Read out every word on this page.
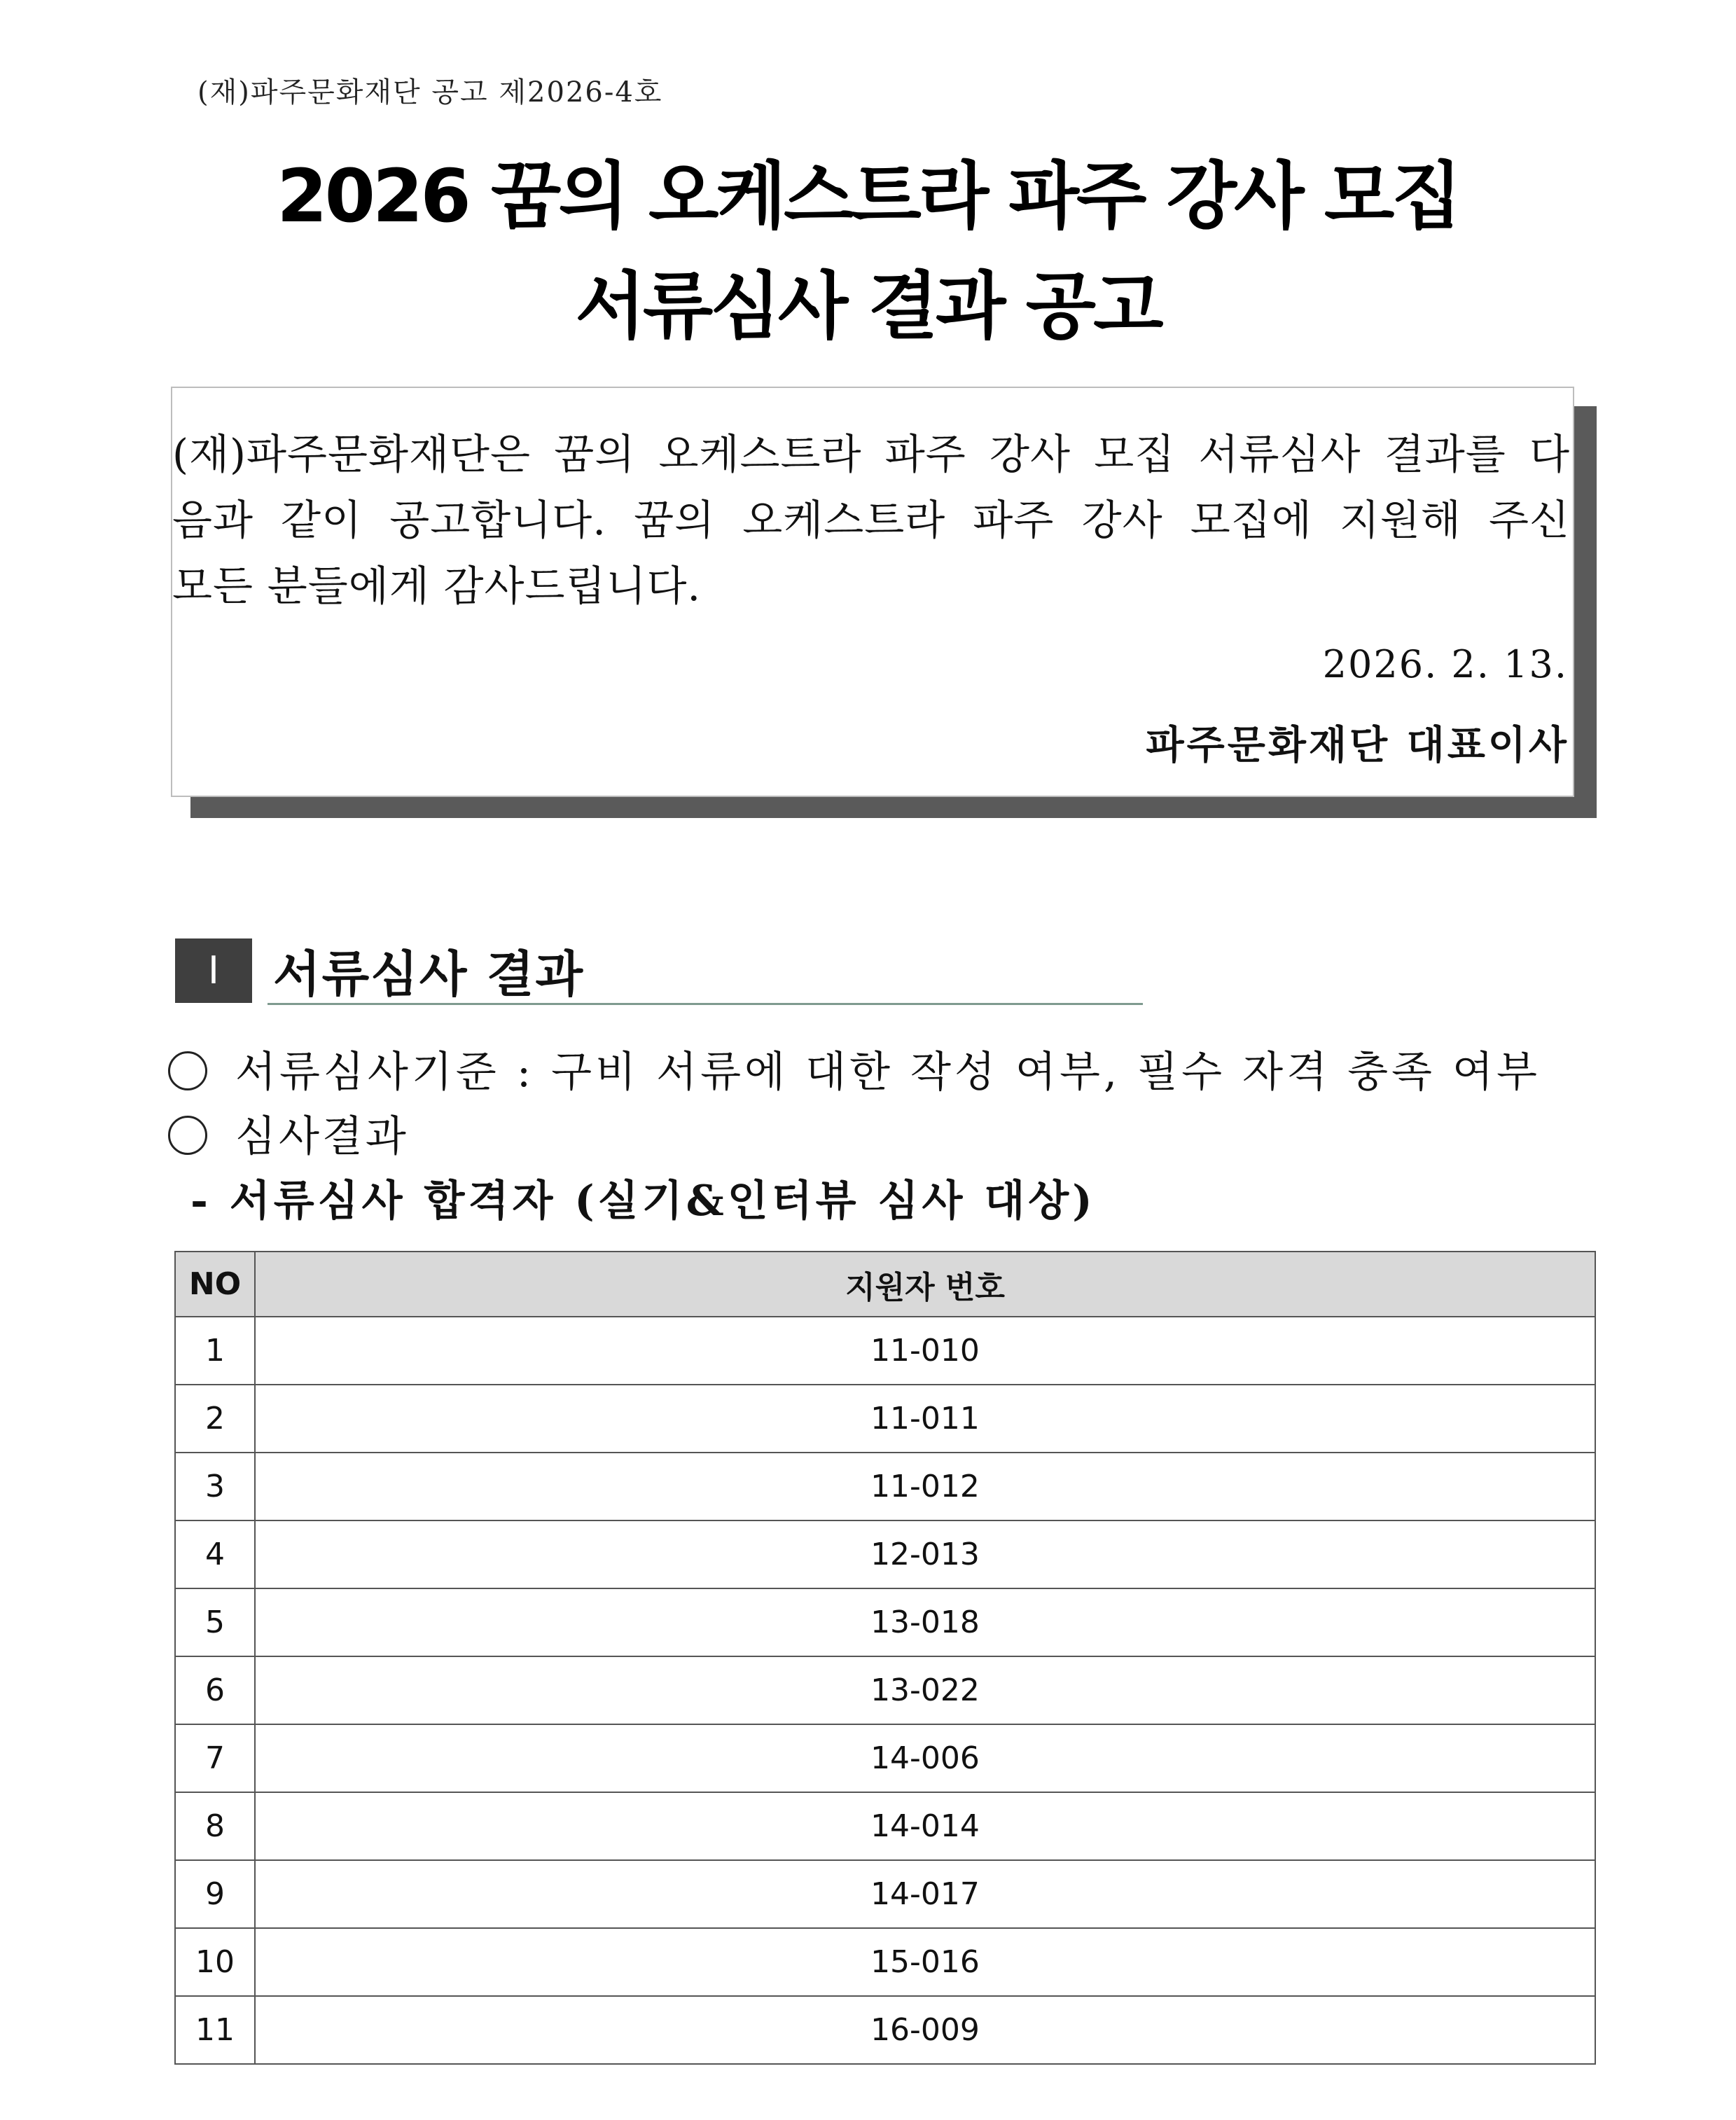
(재)파주문화재단 공고 제2026-4호
2026 꿈의 오케스트라 파주 강사 모집
서류심사 결과 공고
(재)파주문화재단은 꿈의 오케스트라 파주 강사 모집 서류심사 결과를 다
음과 같이 공고합니다. 꿈의 오케스트라 파주 강사 모집에 지원해 주신
모든 분들에게 감사드립니다.
2026. 2. 13.
파주문화재단 대표이사
I	서류심사 결과
서류심사기준 : 구비 서류에 대한 작성 여부, 필수 자격 충족 여부
심사결과
- 서류심사 합격자 (실기&인터뷰 심사 대상)
NO	지원자 번호
1	11-010
2	11-011
3	11-012
4	12-013
5	13-018
6	13-022
7	14-006
8	14-014
9	14-017
10	15-016
11	16-009
